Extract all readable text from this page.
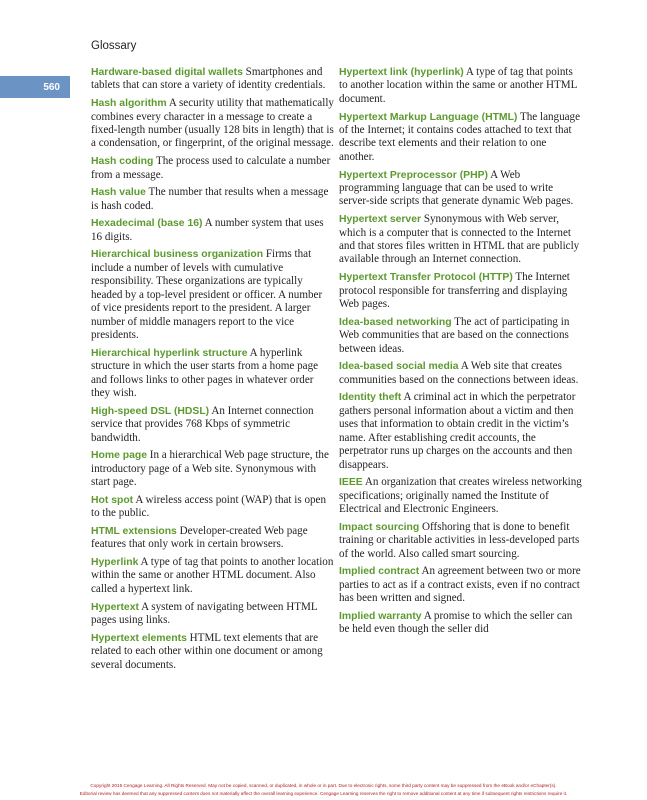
Glossary
560

Hardware-based digital wallets Smartphones and tablets that can store a variety of identity credentials.

Hash algorithm A security utility that mathematically combines every character in a message to create a fixed-length number (usually 128 bits in length) that is a condensation, or fingerprint, of the original message.

Hash coding The process used to calculate a number from a message.

Hash value The number that results when a message is hash coded.

Hexadecimal (base 16) A number system that uses 16 digits.

Hierarchical business organization Firms that include a number of levels with cumulative responsibility. These organizations are typically headed by a top-level president or officer. A number of vice presidents report to the president. A larger number of middle managers report to the vice presidents.

Hierarchical hyperlink structure A hyperlink structure in which the user starts from a home page and follows links to other pages in whatever order they wish.

High-speed DSL (HDSL) An Internet connection service that provides 768 Kbps of symmetric bandwidth.

Home page In a hierarchical Web page structure, the introductory page of a Web site. Synonymous with start page.

Hot spot A wireless access point (WAP) that is open to the public.

HTML extensions Developer-created Web page features that only work in certain browsers.

Hyperlink A type of tag that points to another location within the same or another HTML document. Also called a hypertext link.

Hypertext A system of navigating between HTML pages using links.

Hypertext elements HTML text elements that are related to each other within one document or among several documents.

Hypertext link (hyperlink) A type of tag that points to another location within the same or another HTML document.

Hypertext Markup Language (HTML) The language of the Internet; it contains codes attached to text that describe text elements and their relation to one another.

Hypertext Preprocessor (PHP) A Web programming language that can be used to write server-side scripts that generate dynamic Web pages.

Hypertext server Synonymous with Web server, which is a computer that is connected to the Internet and that stores files written in HTML that are publicly available through an Internet connection.

Hypertext Transfer Protocol (HTTP) The Internet protocol responsible for transferring and displaying Web pages.

Idea-based networking The act of participating in Web communities that are based on the connections between ideas.

Idea-based social media A Web site that creates communities based on the connections between ideas.

Identity theft A criminal act in which the perpetrator gathers personal information about a victim and then uses that information to obtain credit in the victim’s name. After establishing credit accounts, the perpetrator runs up charges on the accounts and then disappears.

IEEE An organization that creates wireless networking specifications; originally named the Institute of Electrical and Electronic Engineers.

Impact sourcing Offshoring that is done to benefit training or charitable activities in less-developed parts of the world. Also called smart sourcing.

Implied contract An agreement between two or more parties to act as if a contract exists, even if no contract has been written and signed.

Implied warranty A promise to which the seller can be held even though the seller did

Copyright 2015 Cengage Learning. All Rights Reserved. May not be copied, scanned, or duplicated, in whole or in part. Due to electronic rights, some third party content may be suppressed from the eBook and/or eChapter(s).
Editorial review has deemed that any suppressed content does not materially affect the overall learning experience. Cengage Learning reserves the right to remove additional content at any time if subsequent rights restrictions require it.
